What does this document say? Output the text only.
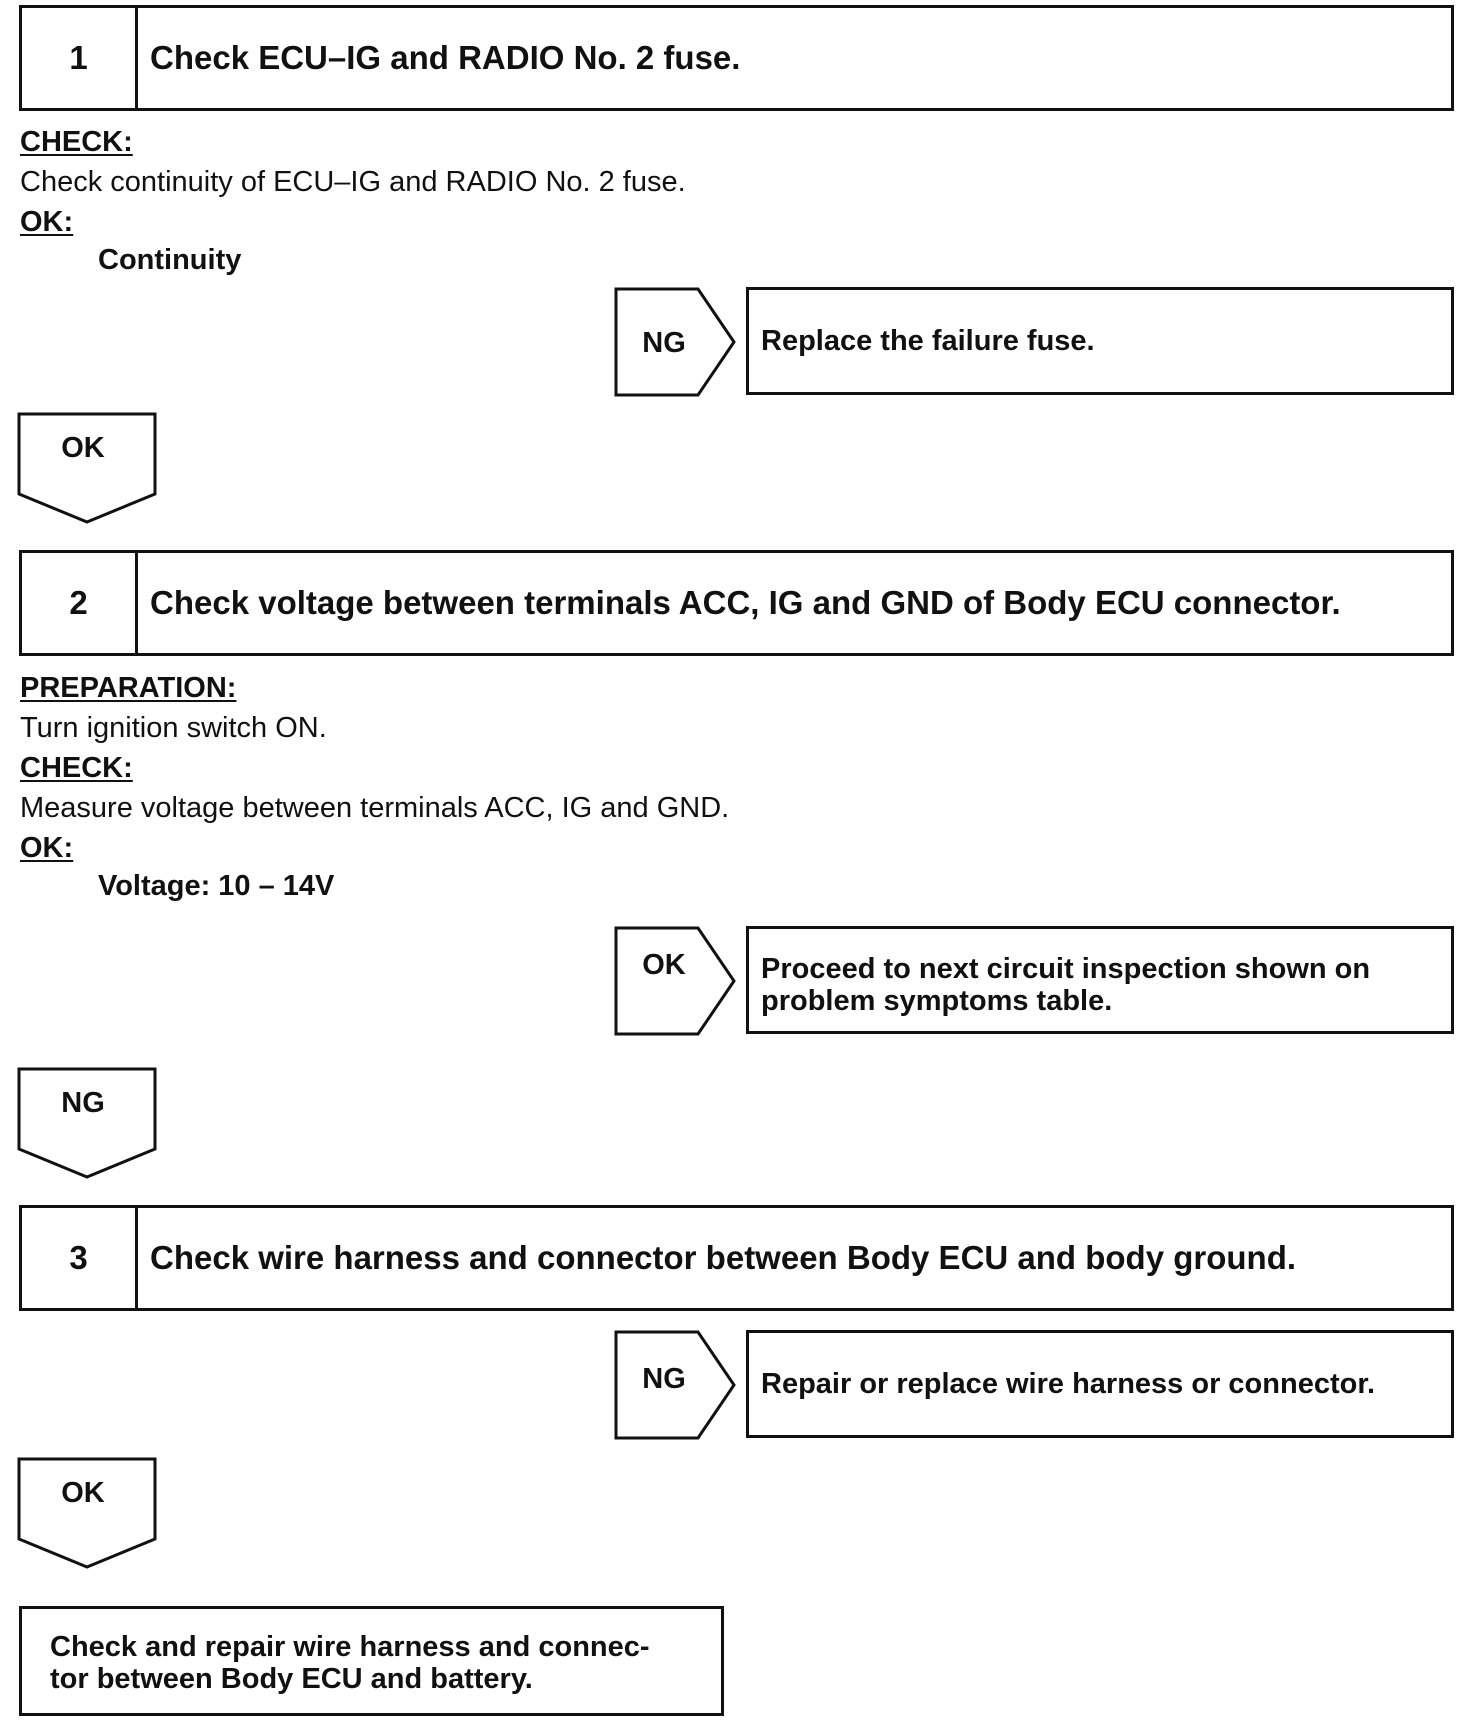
1	Check ECU–IG and RADIO No. 2 fuse.
CHECK:
Check continuity of ECU–IG and RADIO No. 2 fuse.
OK:
Continuity
NG	Replace the failure fuse.
OK
2	Check voltage between terminals ACC, IG and GND of Body ECU connector.
PREPARATION:
Turn ignition switch ON.
CHECK:
Measure voltage between terminals ACC, IG and GND.
OK:
Voltage: 10 – 14V
OK	Proceed to next circuit inspection shown on
problem symptoms table.
NG
3	Check wire harness and connector between Body ECU and body ground.
NG	Repair or replace wire harness or connector.
OK
Check and repair wire harness and connec-
tor between Body ECU and battery.
